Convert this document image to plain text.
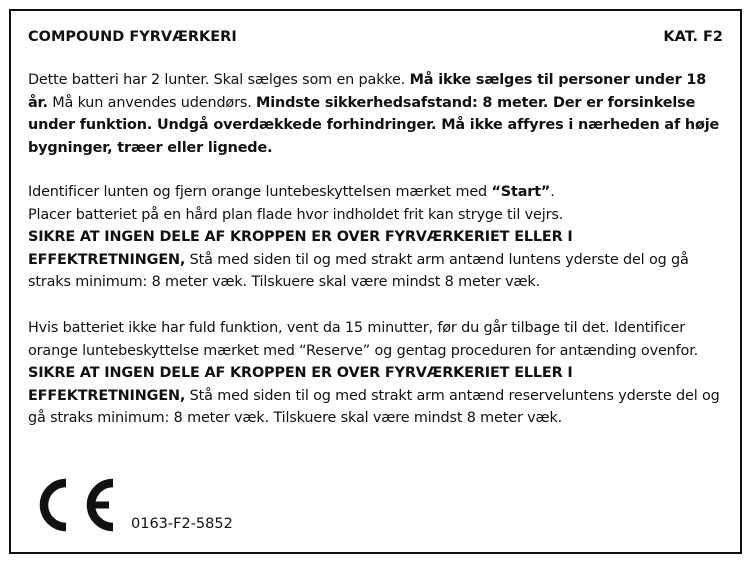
COMPOUND FYRVÆRKERI	KAT. F2
Dette batteri har 2 lunter. Skal sælges som en pakke. Må ikke sælges til personer under 18 år. Må kun anvendes udendørs. Mindste sikkerhedsafstand: 8 meter. Der er forsinkelse under funktion. Undgå overdækkede forhindringer. Må ikke affyres i nærheden af høje bygninger, træer eller lignede.
Identificer lunten og fjern orange luntebeskyttelsen mærket med “Start”.
Placer batteriet på en hård plan flade hvor indholdet frit kan stryge til vejrs.
SIKRE AT INGEN DELE AF KROPPEN ER OVER FYRVÆRKERIET ELLER I EFFEKTRETNINGEN, Stå med siden til og med strakt arm antænd luntens yderste del og gå straks minimum: 8 meter væk. Tilskuere skal være mindst 8 meter væk.
Hvis batteriet ikke har fuld funktion, vent da 15 minutter, før du går tilbage til det. Identificer orange luntebeskyttelse mærket med “Reserve” og gentag proceduren for antænding ovenfor. SIKRE AT INGEN DELE AF KROPPEN ER OVER FYRVÆRKERIET ELLER I EFFEKTRETNINGEN, Stå med siden til og med strakt arm antænd reserveluntens yderste del og gå straks minimum: 8 meter væk. Tilskuere skal være mindst 8 meter væk.
0163-F2-5852
